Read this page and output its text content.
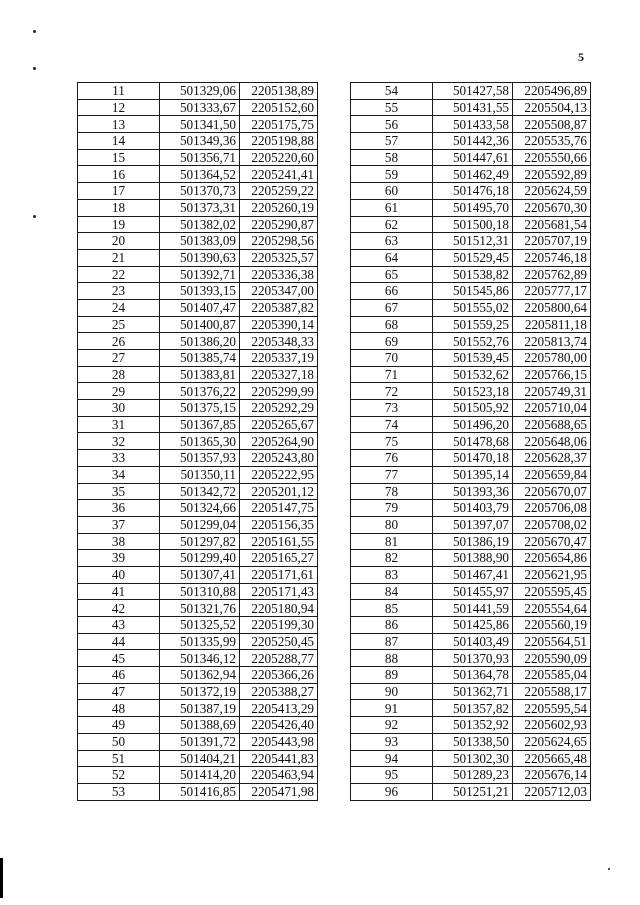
5
11	501329,06	2205138,89
12	501333,67	2205152,60
13	501341,50	2205175,75
14	501349,36	2205198,88
15	501356,71	2205220,60
16	501364,52	2205241,41
17	501370,73	2205259,22
18	501373,31	2205260,19
19	501382,02	2205290,87
20	501383,09	2205298,56
21	501390,63	2205325,57
22	501392,71	2205336,38
23	501393,15	2205347,00
24	501407,47	2205387,82
25	501400,87	2205390,14
26	501386,20	2205348,33
27	501385,74	2205337,19
28	501383,81	2205327,18
29	501376,22	2205299,99
30	501375,15	2205292,29
31	501367,85	2205265,67
32	501365,30	2205264,90
33	501357,93	2205243,80
34	501350,11	2205222,95
35	501342,72	2205201,12
36	501324,66	2205147,75
37	501299,04	2205156,35
38	501297,82	2205161,55
39	501299,40	2205165,27
40	501307,41	2205171,61
41	501310,88	2205171,43
42	501321,76	2205180,94
43	501325,52	2205199,30
44	501335,99	2205250,45
45	501346,12	2205288,77
46	501362,94	2205366,26
47	501372,19	2205388,27
48	501387,19	2205413,29
49	501388,69	2205426,40
50	501391,72	2205443,98
51	501404,21	2205441,83
52	501414,20	2205463,94
53	501416,85	2205471,98
54	501427,58	2205496,89
55	501431,55	2205504,13
56	501433,58	2205508,87
57	501442,36	2205535,76
58	501447,61	2205550,66
59	501462,49	2205592,89
60	501476,18	2205624,59
61	501495,70	2205670,30
62	501500,18	2205681,54
63	501512,31	2205707,19
64	501529,45	2205746,18
65	501538,82	2205762,89
66	501545,86	2205777,17
67	501555,02	2205800,64
68	501559,25	2205811,18
69	501552,76	2205813,74
70	501539,45	2205780,00
71	501532,62	2205766,15
72	501523,18	2205749,31
73	501505,92	2205710,04
74	501496,20	2205688,65
75	501478,68	2205648,06
76	501470,18	2205628,37
77	501395,14	2205659,84
78	501393,36	2205670,07
79	501403,79	2205706,08
80	501397,07	2205708,02
81	501386,19	2205670,47
82	501388,90	2205654,86
83	501467,41	2205621,95
84	501455,97	2205595,45
85	501441,59	2205554,64
86	501425,86	2205560,19
87	501403,49	2205564,51
88	501370,93	2205590,09
89	501364,78	2205585,04
90	501362,71	2205588,17
91	501357,82	2205595,54
92	501352,92	2205602,93
93	501338,50	2205624,65
94	501302,30	2205665,48
95	501289,23	2205676,14
96	501251,21	2205712,03
